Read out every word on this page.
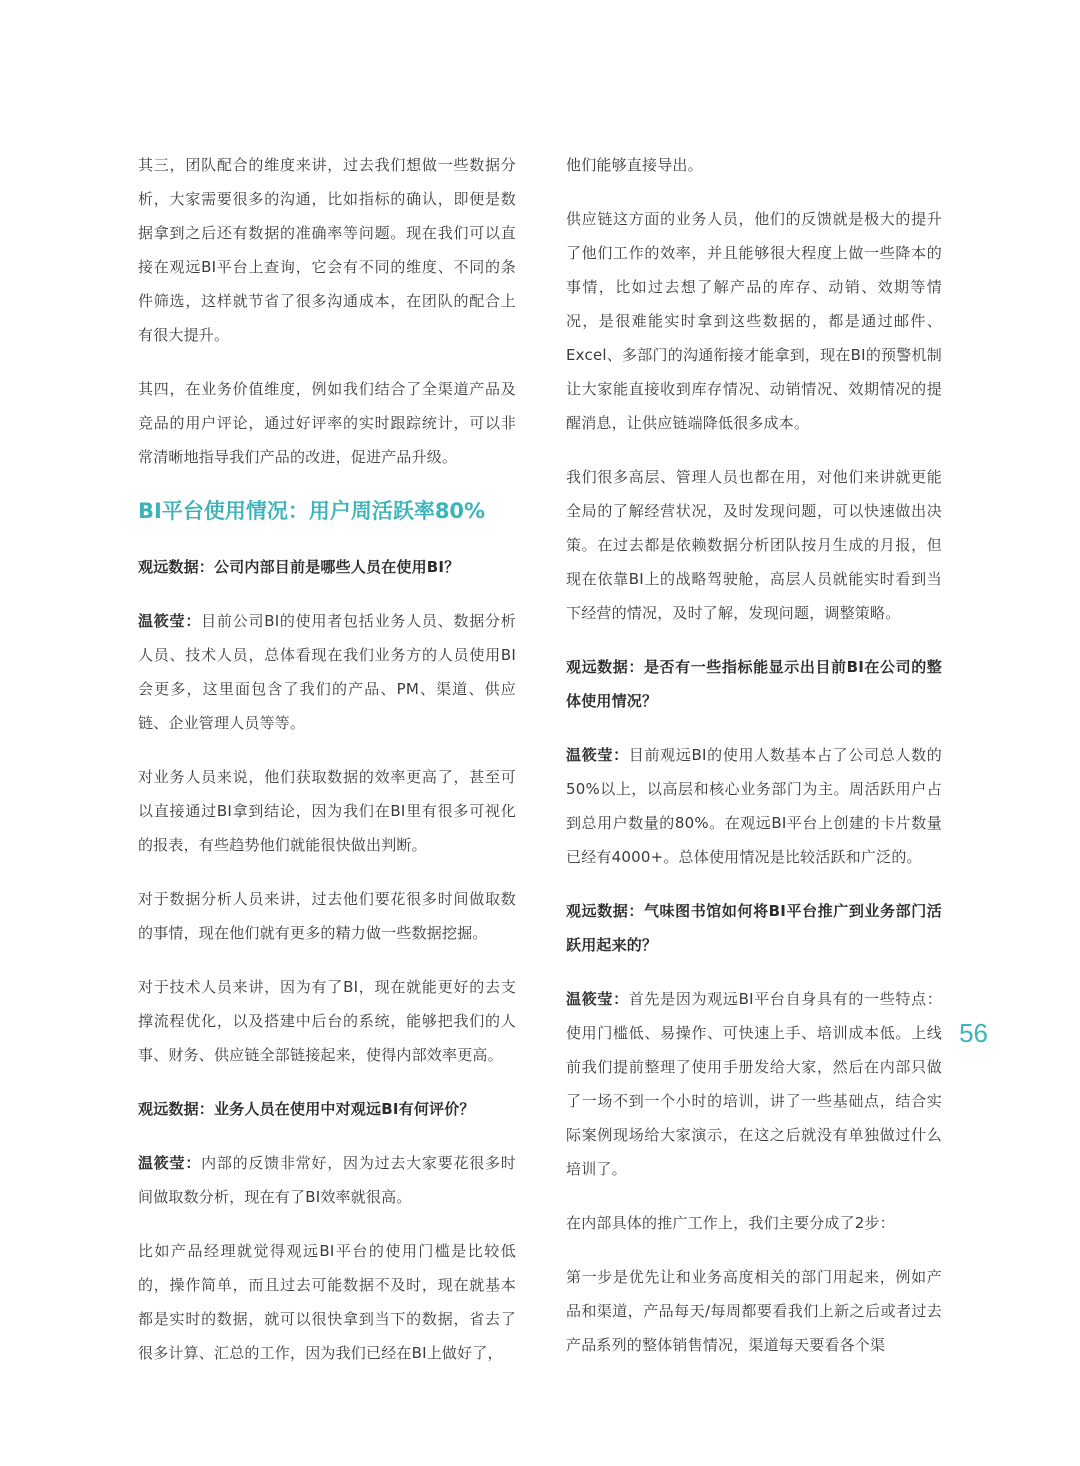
其三，团队配合的维度来讲，过去我们想做一些数据分析，大家需要很多的沟通，比如指标的确认，即便是数据拿到之后还有数据的准确率等问题。现在我们可以直接在观远BI平台上查询，它会有不同的维度、不同的条件筛选，这样就节省了很多沟通成本，在团队的配合上有很大提升。

其四，在业务价值维度，例如我们结合了全渠道产品及竞品的用户评论，通过好评率的实时跟踪统计，可以非常清晰地指导我们产品的改进，促进产品升级。

BI平台使用情况：用户周活跃率80%

观远数据：公司内部目前是哪些人员在使用BI？

温筱莹：目前公司BI的使用者包括业务人员、数据分析人员、技术人员，总体看现在我们业务方的人员使用BI会更多，这里面包含了我们的产品、PM、渠道、供应链、企业管理人员等等。

对业务人员来说，他们获取数据的效率更高了，甚至可以直接通过BI拿到结论，因为我们在BI里有很多可视化的报表，有些趋势他们就能很快做出判断。

对于数据分析人员来讲，过去他们要花很多时间做取数的事情，现在他们就有更多的精力做一些数据挖掘。

对于技术人员来讲，因为有了BI，现在就能更好的去支撑流程优化，以及搭建中后台的系统，能够把我们的人事、财务、供应链全部链接起来，使得内部效率更高。

观远数据：业务人员在使用中对观远BI有何评价？

温筱莹：内部的反馈非常好，因为过去大家要花很多时间做取数分析，现在有了BI效率就很高。

比如产品经理就觉得观远BI平台的使用门槛是比较低的，操作简单，而且过去可能数据不及时，现在就基本都是实时的数据，就可以很快拿到当下的数据，省去了很多计算、汇总的工作，因为我们已经在BI上做好了，

他们能够直接导出。

供应链这方面的业务人员，他们的反馈就是极大的提升了他们工作的效率，并且能够很大程度上做一些降本的事情，比如过去想了解产品的库存、动销、效期等情况，是很难能实时拿到这些数据的，都是通过邮件、Excel、多部门的沟通衔接才能拿到，现在BI的预警机制让大家能直接收到库存情况、动销情况、效期情况的提醒消息，让供应链端降低很多成本。

我们很多高层、管理人员也都在用，对他们来讲就更能全局的了解经营状况，及时发现问题，可以快速做出决策。在过去都是依赖数据分析团队按月生成的月报，但现在依靠BI上的战略驾驶舱，高层人员就能实时看到当下经营的情况，及时了解，发现问题，调整策略。

观远数据：是否有一些指标能显示出目前BI在公司的整体使用情况？

温筱莹：目前观远BI的使用人数基本占了公司总人数的50%以上，以高层和核心业务部门为主。周活跃用户占到总用户数量的80%。在观远BI平台上创建的卡片数量已经有4000+。总体使用情况是比较活跃和广泛的。

观远数据：气味图书馆如何将BI平台推广到业务部门活跃用起来的？

温筱莹：首先是因为观远BI平台自身具有的一些特点：使用门槛低、易操作、可快速上手、培训成本低。上线前我们提前整理了使用手册发给大家，然后在内部只做了一场不到一个小时的培训，讲了一些基础点，结合实际案例现场给大家演示，在这之后就没有单独做过什么培训了。

在内部具体的推广工作上，我们主要分成了2步：

第一步是优先让和业务高度相关的部门用起来，例如产品和渠道，产品每天/每周都要看我们上新之后或者过去产品系列的整体销售情况，渠道每天要看各个渠

56
